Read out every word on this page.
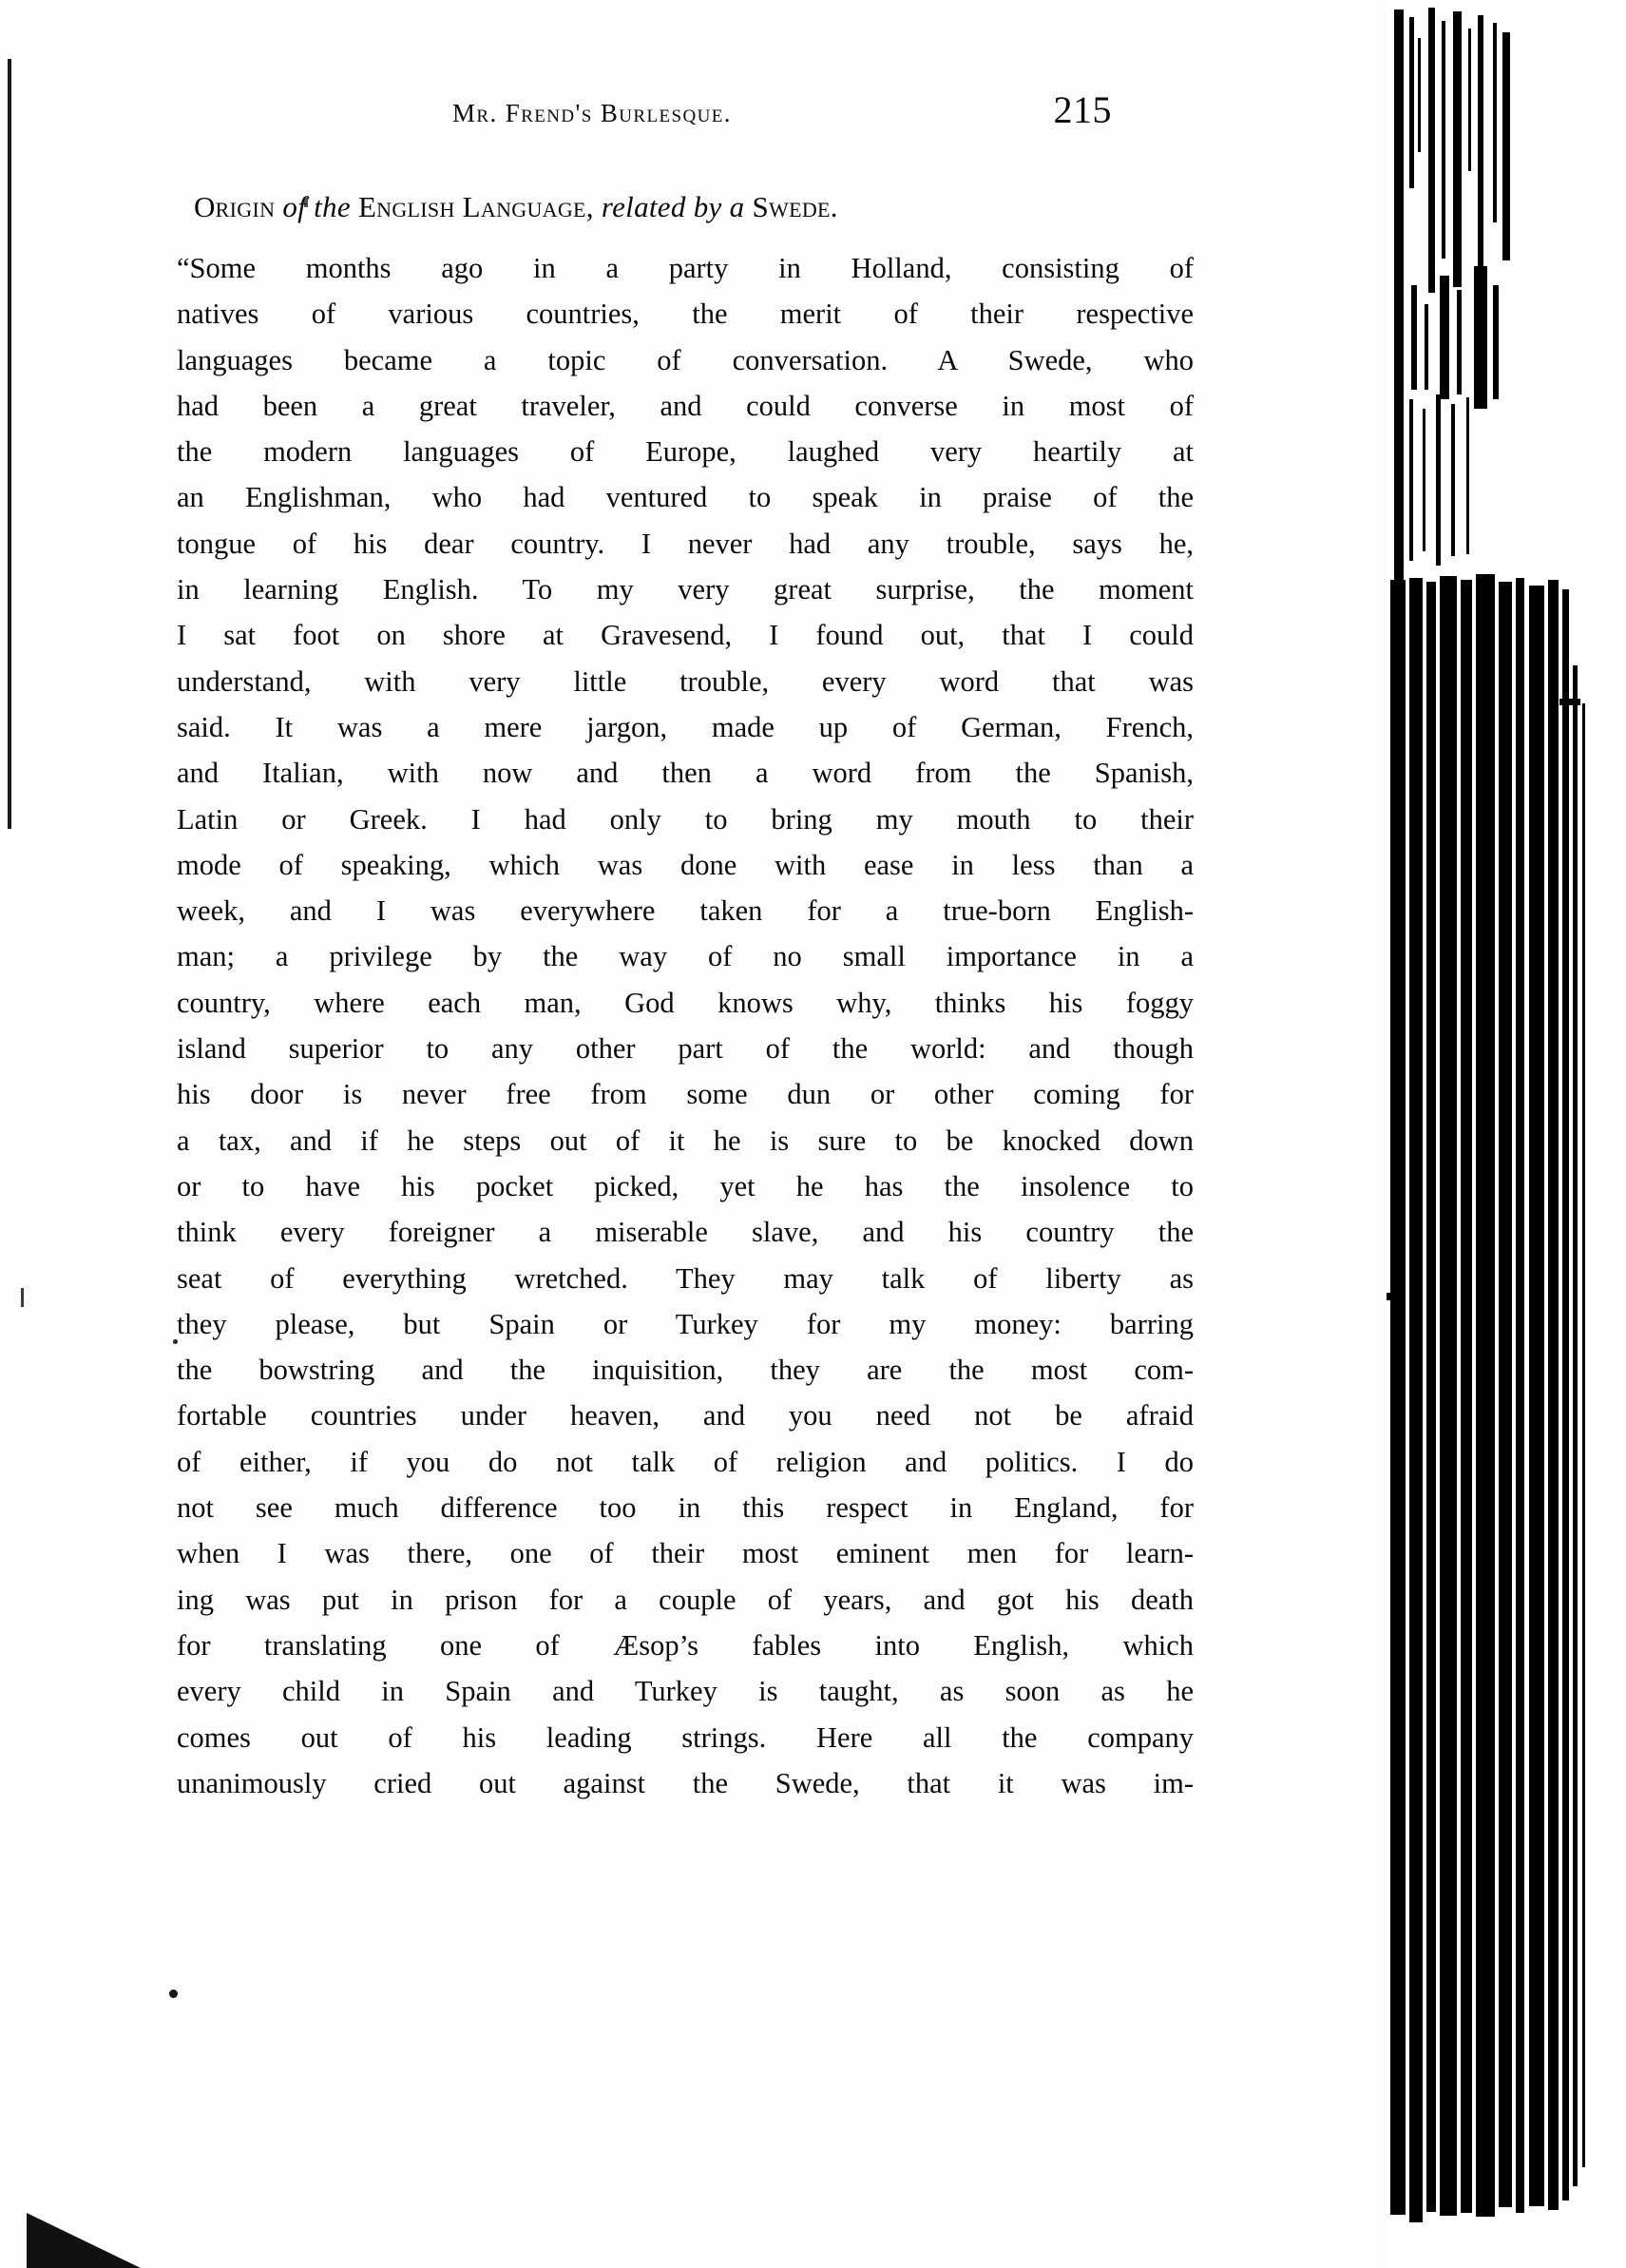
Mr. Frend's Burlesque.	215
Origin of the English Language, related by a Swede.
“Some months ago in a party in Holland, consisting of
natives of various countries, the merit of their respective
languages became a topic of conversation. A Swede, who
had been a great traveler, and could converse in most of
the modern languages of Europe, laughed very heartily at
an Englishman, who had ventured to speak in praise of the
tongue of his dear country. I never had any trouble, says he,
in learning English. To my very great surprise, the moment
I sat foot on shore at Gravesend, I found out, that I could
understand, with very little trouble, every word that was
said. It was a mere jargon, made up of German, French,
and Italian, with now and then a word from the Spanish,
Latin or Greek. I had only to bring my mouth to their
mode of speaking, which was done with ease in less than a
week, and I was everywhere taken for a true-born English-
man; a privilege by the way of no small importance in a
country, where each man, God knows why, thinks his foggy
island superior to any other part of the world: and though
his door is never free from some dun or other coming for
a tax, and if he steps out of it he is sure to be knocked down
or to have his pocket picked, yet he has the insolence to
think every foreigner a miserable slave, and his country the
seat of everything wretched. They may talk of liberty as
they please, but Spain or Turkey for my money: barring
the bowstring and the inquisition, they are the most com-
fortable countries under heaven, and you need not be afraid
of either, if you do not talk of religion and politics. I do
not see much difference too in this respect in England, for
when I was there, one of their most eminent men for learn-
ing was put in prison for a couple of years, and got his death
for translating one of Æsop’s fables into English, which
every child in Spain and Turkey is taught, as soon as he
comes out of his leading strings. Here all the company
unanimously cried out against the Swede, that it was im-
